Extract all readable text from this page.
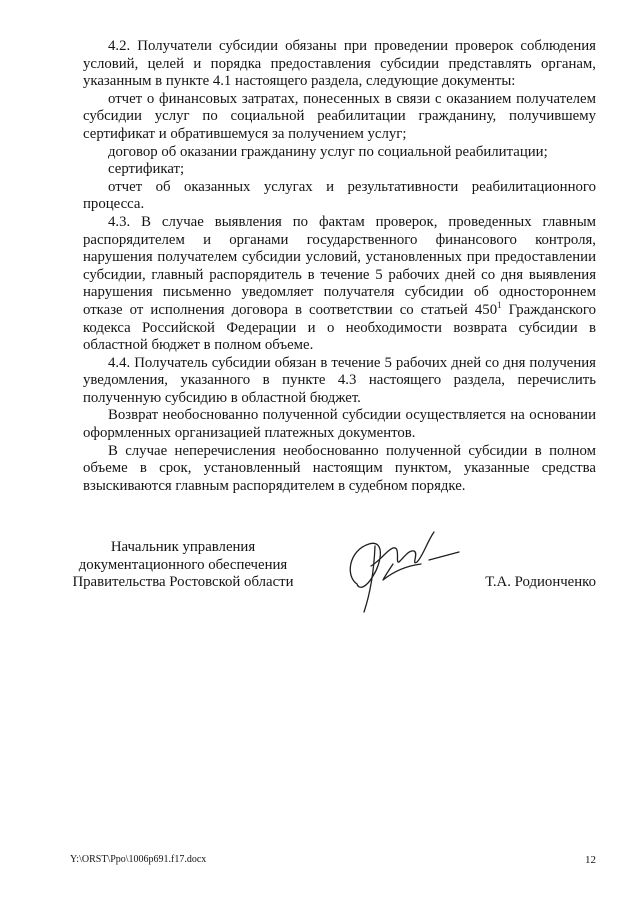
4.2. Получатели субсидии обязаны при проведении проверок соблюдения условий, целей и порядка предоставления субсидии представлять органам, указанным в пункте 4.1 настоящего раздела, следующие документы:

отчет о финансовых затратах, понесенных в связи с оказанием получателем субсидии услуг по социальной реабилитации гражданину, получившему сертификат и обратившемуся за получением услуг;

договор об оказании гражданину услуг по социальной реабилитации;

сертификат;

отчет об оказанных услугах и результативности реабилитационного процесса.

4.3. В случае выявления по фактам проверок, проведенных главным распорядителем и органами государственного финансового контроля, нарушения получателем субсидии условий, установленных при предоставлении субсидии, главный распорядитель в течение 5 рабочих дней со дня выявления нарушения письменно уведомляет получателя субсидии об одностороннем отказе от исполнения договора в соответствии со статьей $450^1$ Гражданского кодекса Российской Федерации и о необходимости возврата субсидии в областной бюджет в полном объеме.

4.4. Получатель субсидии обязан в течение 5 рабочих дней со дня получения уведомления, указанного в пункте 4.3 настоящего раздела, перечислить полученную субсидию в областной бюджет.

Возврат необоснованно полученной субсидии осуществляется на основании оформленных организацией платежных документов.

В случае неперечисления необоснованно полученной субсидии в полном объеме в срок, установленный настоящим пунктом, указанные средства взыскиваются главным распорядителем в судебном порядке.

Начальник управления
документационного обеспечения
Правительства Ростовской области	Т.А. Родионченко
Y:\ORST\Ppo\1006p691.f17.docx	12
